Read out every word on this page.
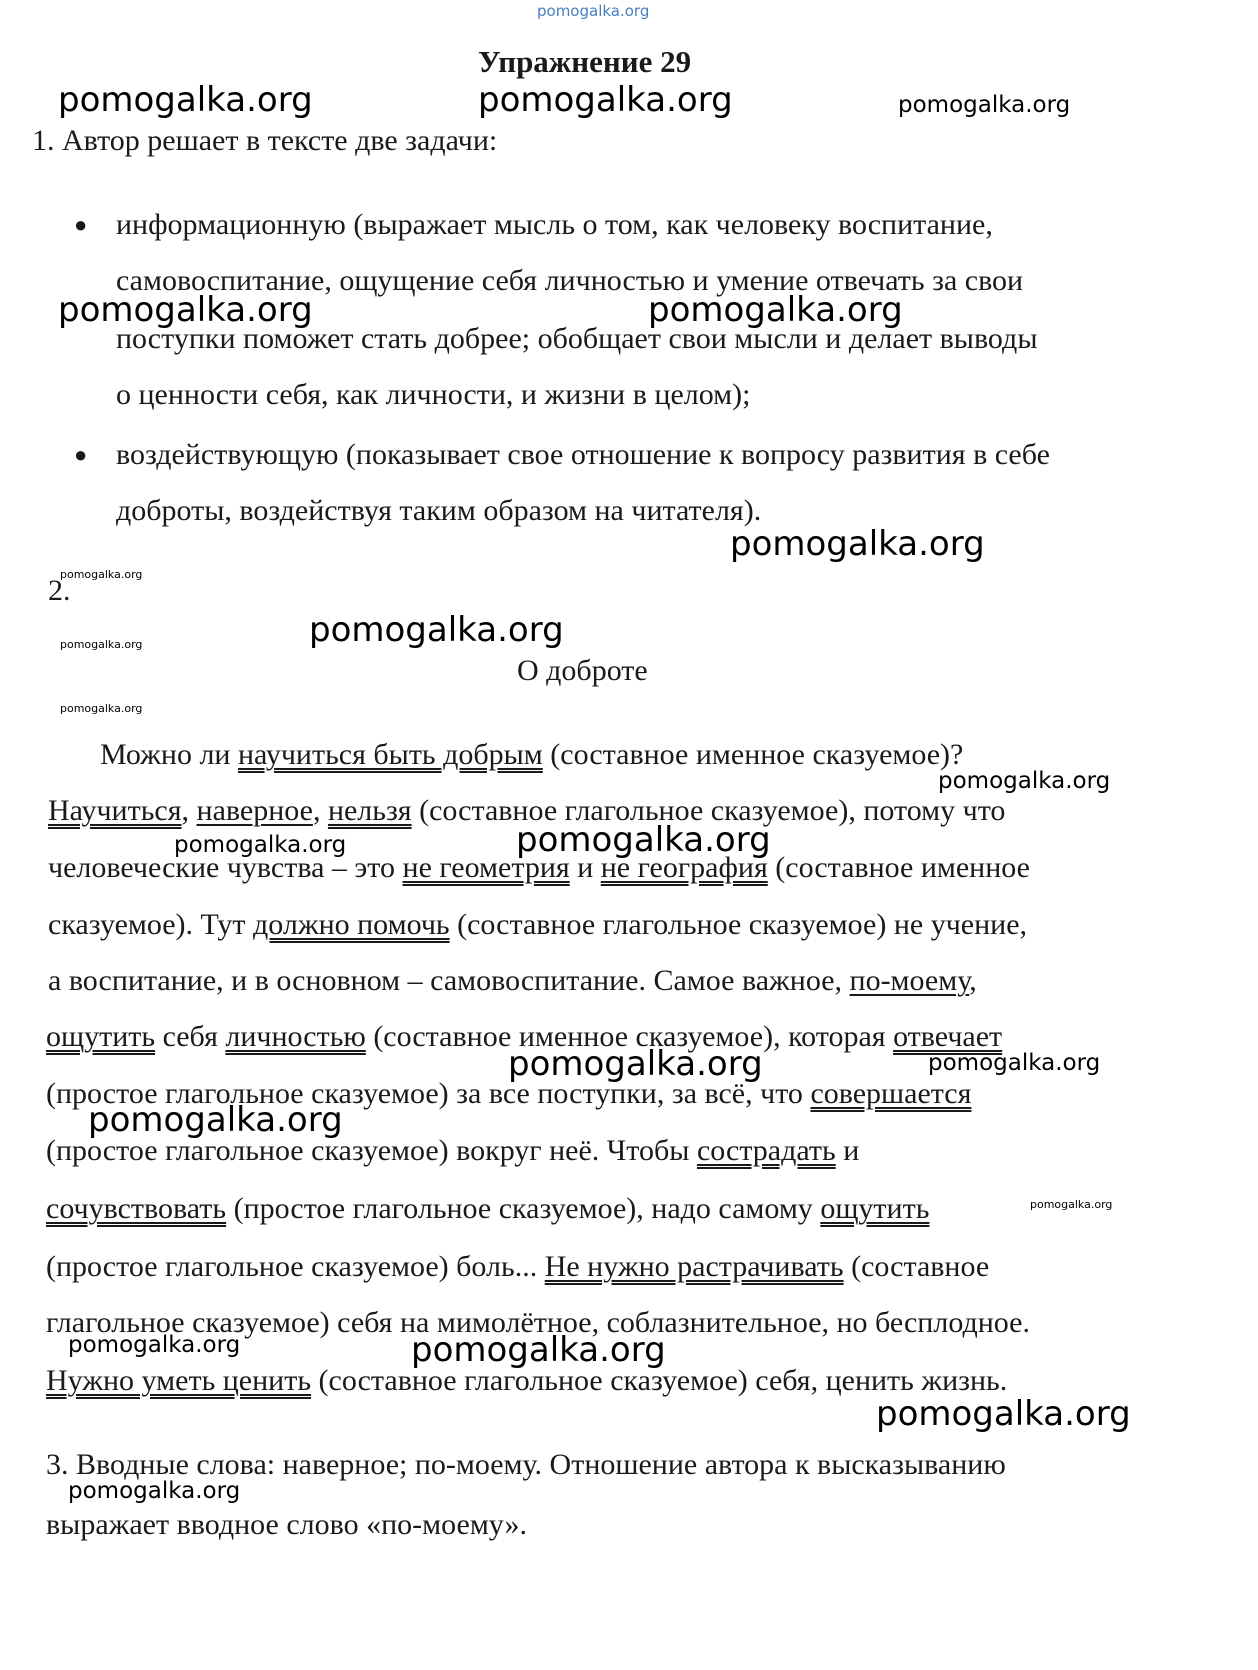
pomogalka.org
Упражнение 29
1. Автор решает в тексте две задачи:
● информационную (выражает мысль о том, как человеку воспитание,
самовоспитание, ощущение себя личностью и умение отвечать за свои
поступки поможет стать добрее; обобщает свои мысли и делает выводы
о ценности себя, как личности, и жизни в целом);
● воздействующую (показывает свое отношение к вопросу развития в себе
доброты, воздействуя таким образом на читателя).
2.
О доброте
Можно ли научиться быть добрым (составное именное сказуемое)?
Научиться, наверное, нельзя (составное глагольное сказуемое), потому что
человеческие чувства – это не геометрия и не география (составное именное
сказуемое). Тут должно помочь (составное глагольное сказуемое) не учение,
а воспитание, и в основном – самовоспитание. Самое важное, по-моему,
ощутить себя личностью (составное именное сказуемое), которая отвечает
(простое глагольное сказуемое) за все поступки, за всё, что совершается
(простое глагольное сказуемое) вокруг неё. Чтобы сострадать и
сочувствовать (простое глагольное сказуемое), надо самому ощутить
(простое глагольное сказуемое) боль... Не нужно растрачивать (составное
глагольное сказуемое) себя на мимолётное, соблазнительное, но бесплодное.
Нужно уметь ценить (составное глагольное сказуемое) себя, ценить жизнь.
3. Вводные слова: наверное; по-моему. Отношение автора к высказыванию
выражает вводное слово «по-моему».
pomogalka.org	pomogalka.org	pomogalka.org
pomogalka.org	pomogalka.org
pomogalka.org
pomogalka.org
pomogalka.org
pomogalka.org
pomogalka.org
pomogalka.org
pomogalka.org	pomogalka.org
pomogalka.org	pomogalka.org
pomogalka.org
pomogalka.org
pomogalka.org	pomogalka.org
pomogalka.org
pomogalka.org
